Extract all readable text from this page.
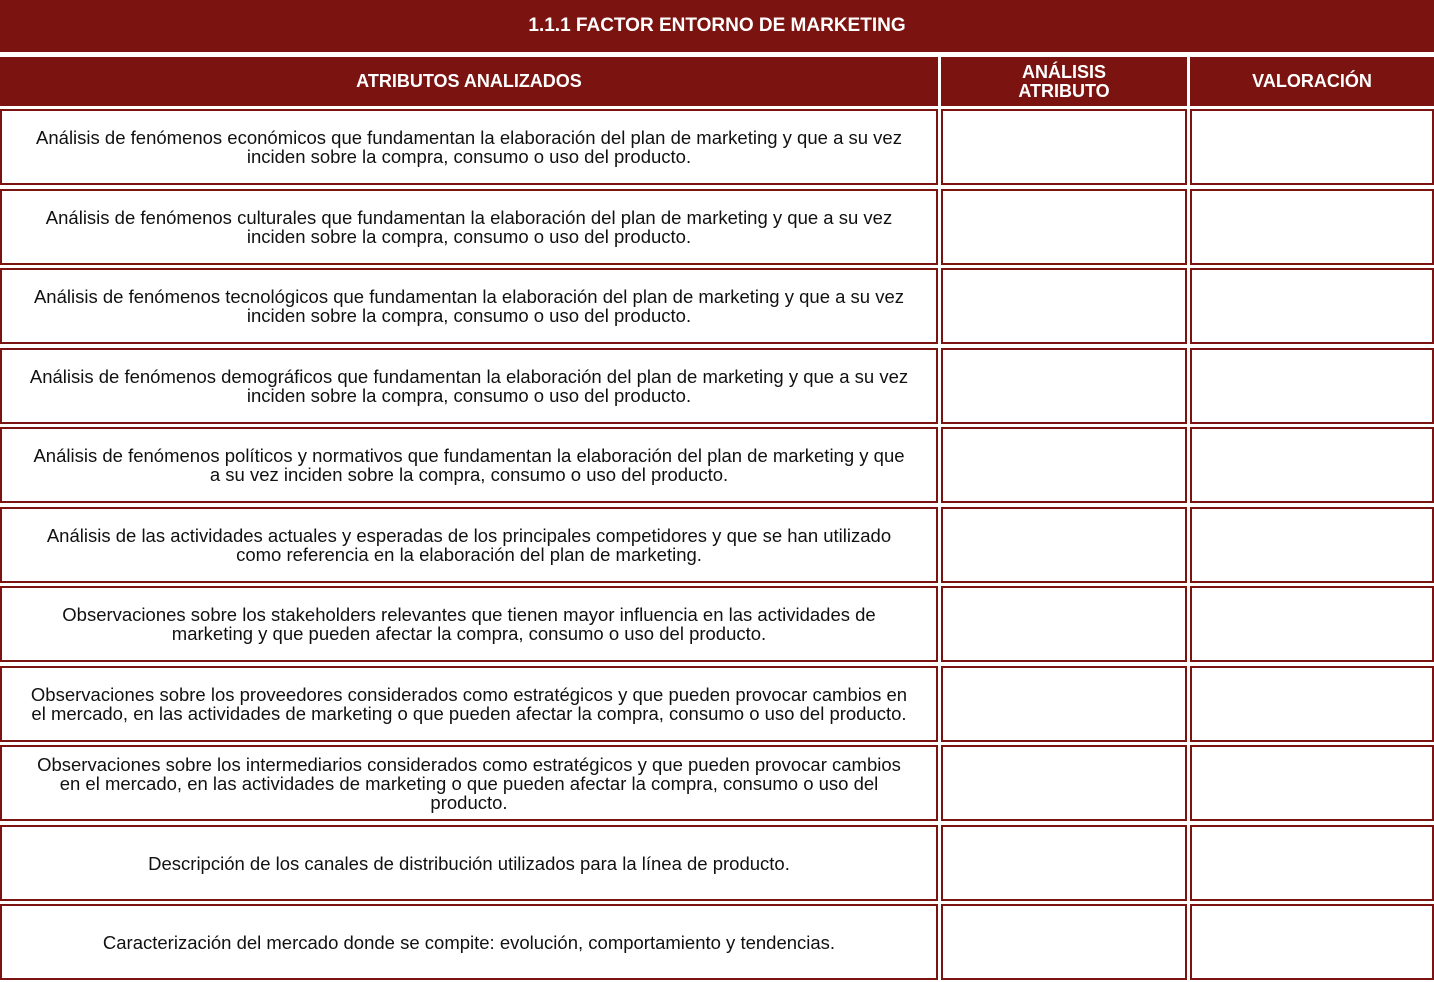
1.1.1 FACTOR ENTORNO DE MARKETING
ATRIBUTOS ANALIZADOS	ANÁLISIS
ATRIBUTO	VALORACIÓN
Análisis de fenómenos económicos que fundamentan la elaboración del plan de marketing y que a su vez inciden sobre la compra, consumo o uso del producto.
Análisis de fenómenos culturales que fundamentan la elaboración del plan de marketing y que a su vez inciden sobre la compra, consumo o uso del producto.
Análisis de fenómenos tecnológicos que fundamentan la elaboración del plan de marketing y que a su vez inciden sobre la compra, consumo o uso del producto.
Análisis de fenómenos demográficos que fundamentan la elaboración del plan de marketing y que a su vez inciden sobre la compra, consumo o uso del producto.
Análisis de fenómenos políticos y normativos que fundamentan la elaboración del plan de marketing y que a su vez inciden sobre la compra, consumo o uso del producto.
Análisis de las actividades actuales y esperadas de los principales competidores y que se han utilizado como referencia en la elaboración del plan de marketing.
Observaciones sobre los stakeholders relevantes que tienen mayor influencia en las actividades de marketing y que pueden afectar la compra, consumo o uso del producto.
Observaciones sobre los proveedores considerados como estratégicos y que pueden provocar cambios en el mercado, en las actividades de marketing o que pueden afectar la compra, consumo o uso del producto.
Observaciones sobre los intermediarios considerados como estratégicos y que pueden provocar cambios en el mercado, en las actividades de marketing o que pueden afectar la compra, consumo o uso del producto.
Descripción de los canales de distribución utilizados para la línea de producto.
Caracterización del mercado donde se compite: evolución, comportamiento y tendencias.
